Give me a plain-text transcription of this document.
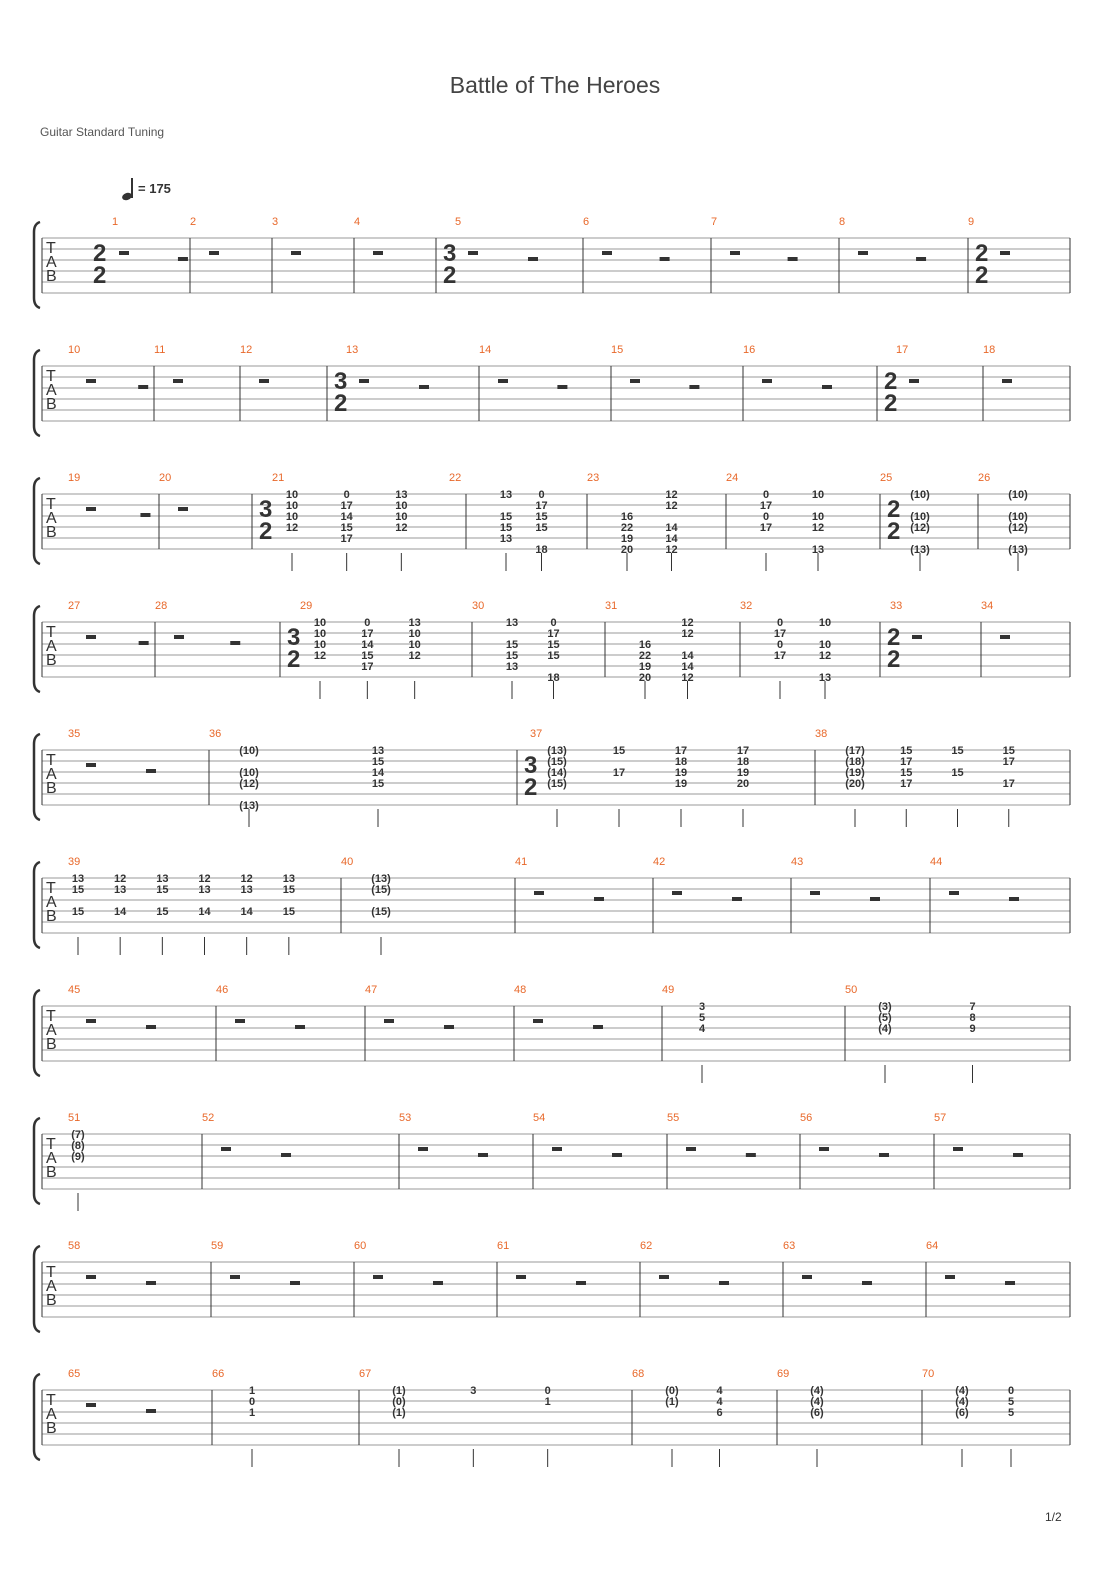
Battle of The Heroes
Guitar Standard Tuning
= 175
T
A
B
1
2
2
2	3	4	5
3
2
6	7	8	9
2
2
T
A
B
10	11	12	13
3
2
14	15	16	17
2
2
18
T
A
B
19	20	21
3
2
22	23	24	25
2
2
26
T
A
B
27	28	29
3
2
30	31	32	33
2
2
34
T
A
B
35	36	37
3
2
38
T
A
B
39	40	41	42	43	44
T
A
B
45	46	47	48	49	50
T
A
B
51	52	53	54	55	56	57
T
A
B
58	59	60	61	62	63	64
T
A
B
65	66	67	68	69	70
10
10
10
12
0
17
14
15
17
13
10
10
12
13
15
15
13
0
17
15
15
18
16
22
19
20
12
12
14
14
12
0
17
0
17
10
10
12
13
(10)
(10)
(12)
(13)
(10)
(10)
(12)
(13)
10
10
10
12
0
17
14
15
17
13
10
10
12
13
15
15
13
0
17
15
15
18
16
22
19
20
12
12
14
14
12
0
17
0
17
10
10
12
13
(10)
(10)
(12)
(13)
13
15
14
15
(13)
(15)
(14)
(15)
15
17
17
18
19
19
17
18
19
20
(17)
(18)
(19)
(20)
15
17
15
17
15
15
15
17
17
13
15
15
12
13
14
13
15
15
12
13
14
12
13
14
13
15
15
(13)
(15)
(15)
3
5
4
(3)
(5)
(4)
7
8
9
(7)
(8)
(9)
1
0
1
(1)
(0)
(1)
3	0
1
(0)
(1)
4
4
6
(4)
(4)
(6)
(4)
(4)
(6)
0
5
5
1/2
